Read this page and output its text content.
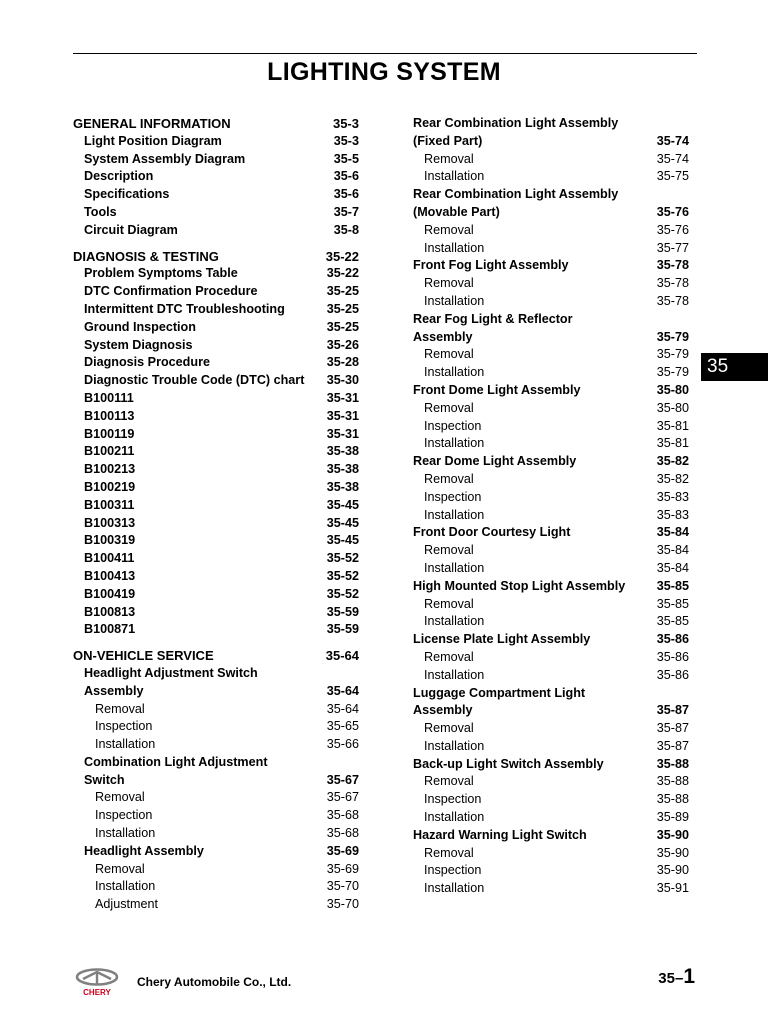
LIGHTING SYSTEM
GENERAL INFORMATION	35-3
Light Position Diagram	35-3
System Assembly Diagram	35-5
Description	35-6
Specifications	35-6
Tools	35-7
Circuit Diagram	35-8
DIAGNOSIS & TESTING	35-22
Problem Symptoms Table	35-22
DTC Confirmation Procedure	35-25
Intermittent DTC Troubleshooting	35-25
Ground Inspection	35-25
System Diagnosis	35-26
Diagnosis Procedure	35-28
Diagnostic Trouble Code (DTC) chart	35-30
B100111	35-31
B100113	35-31
B100119	35-31
B100211	35-38
B100213	35-38
B100219	35-38
B100311	35-45
B100313	35-45
B100319	35-45
B100411	35-52
B100413	35-52
B100419	35-52
B100813	35-59
B100871	35-59
ON-VEHICLE SERVICE	35-64
Headlight Adjustment Switch Assembly	35-64
Removal	35-64
Inspection	35-65
Installation	35-66
Combination Light Adjustment Switch	35-67
Removal	35-67
Inspection	35-68
Installation	35-68
Headlight Assembly	35-69
Removal	35-69
Installation	35-70
Adjustment	35-70
Rear Combination Light Assembly (Fixed Part)	35-74
Removal	35-74
Installation	35-75
Rear Combination Light Assembly (Movable Part)	35-76
Removal	35-76
Installation	35-77
Front Fog Light Assembly	35-78
Removal	35-78
Installation	35-78
Rear Fog Light & Reflector Assembly	35-79
Removal	35-79
Installation	35-79
Front Dome Light Assembly	35-80
Removal	35-80
Inspection	35-81
Installation	35-81
Rear Dome Light Assembly	35-82
Removal	35-82
Inspection	35-83
Installation	35-83
Front Door Courtesy Light	35-84
Removal	35-84
Installation	35-84
High Mounted Stop Light Assembly	35-85
Removal	35-85
Installation	35-85
License Plate Light Assembly	35-86
Removal	35-86
Installation	35-86
Luggage Compartment Light Assembly	35-87
Removal	35-87
Installation	35-87
Back-up Light Switch Assembly	35-88
Removal	35-88
Inspection	35-88
Installation	35-89
Hazard Warning Light Switch	35-90
Removal	35-90
Inspection	35-90
Installation	35-91
35
CHERY
Chery Automobile Co., Ltd.	35–1
